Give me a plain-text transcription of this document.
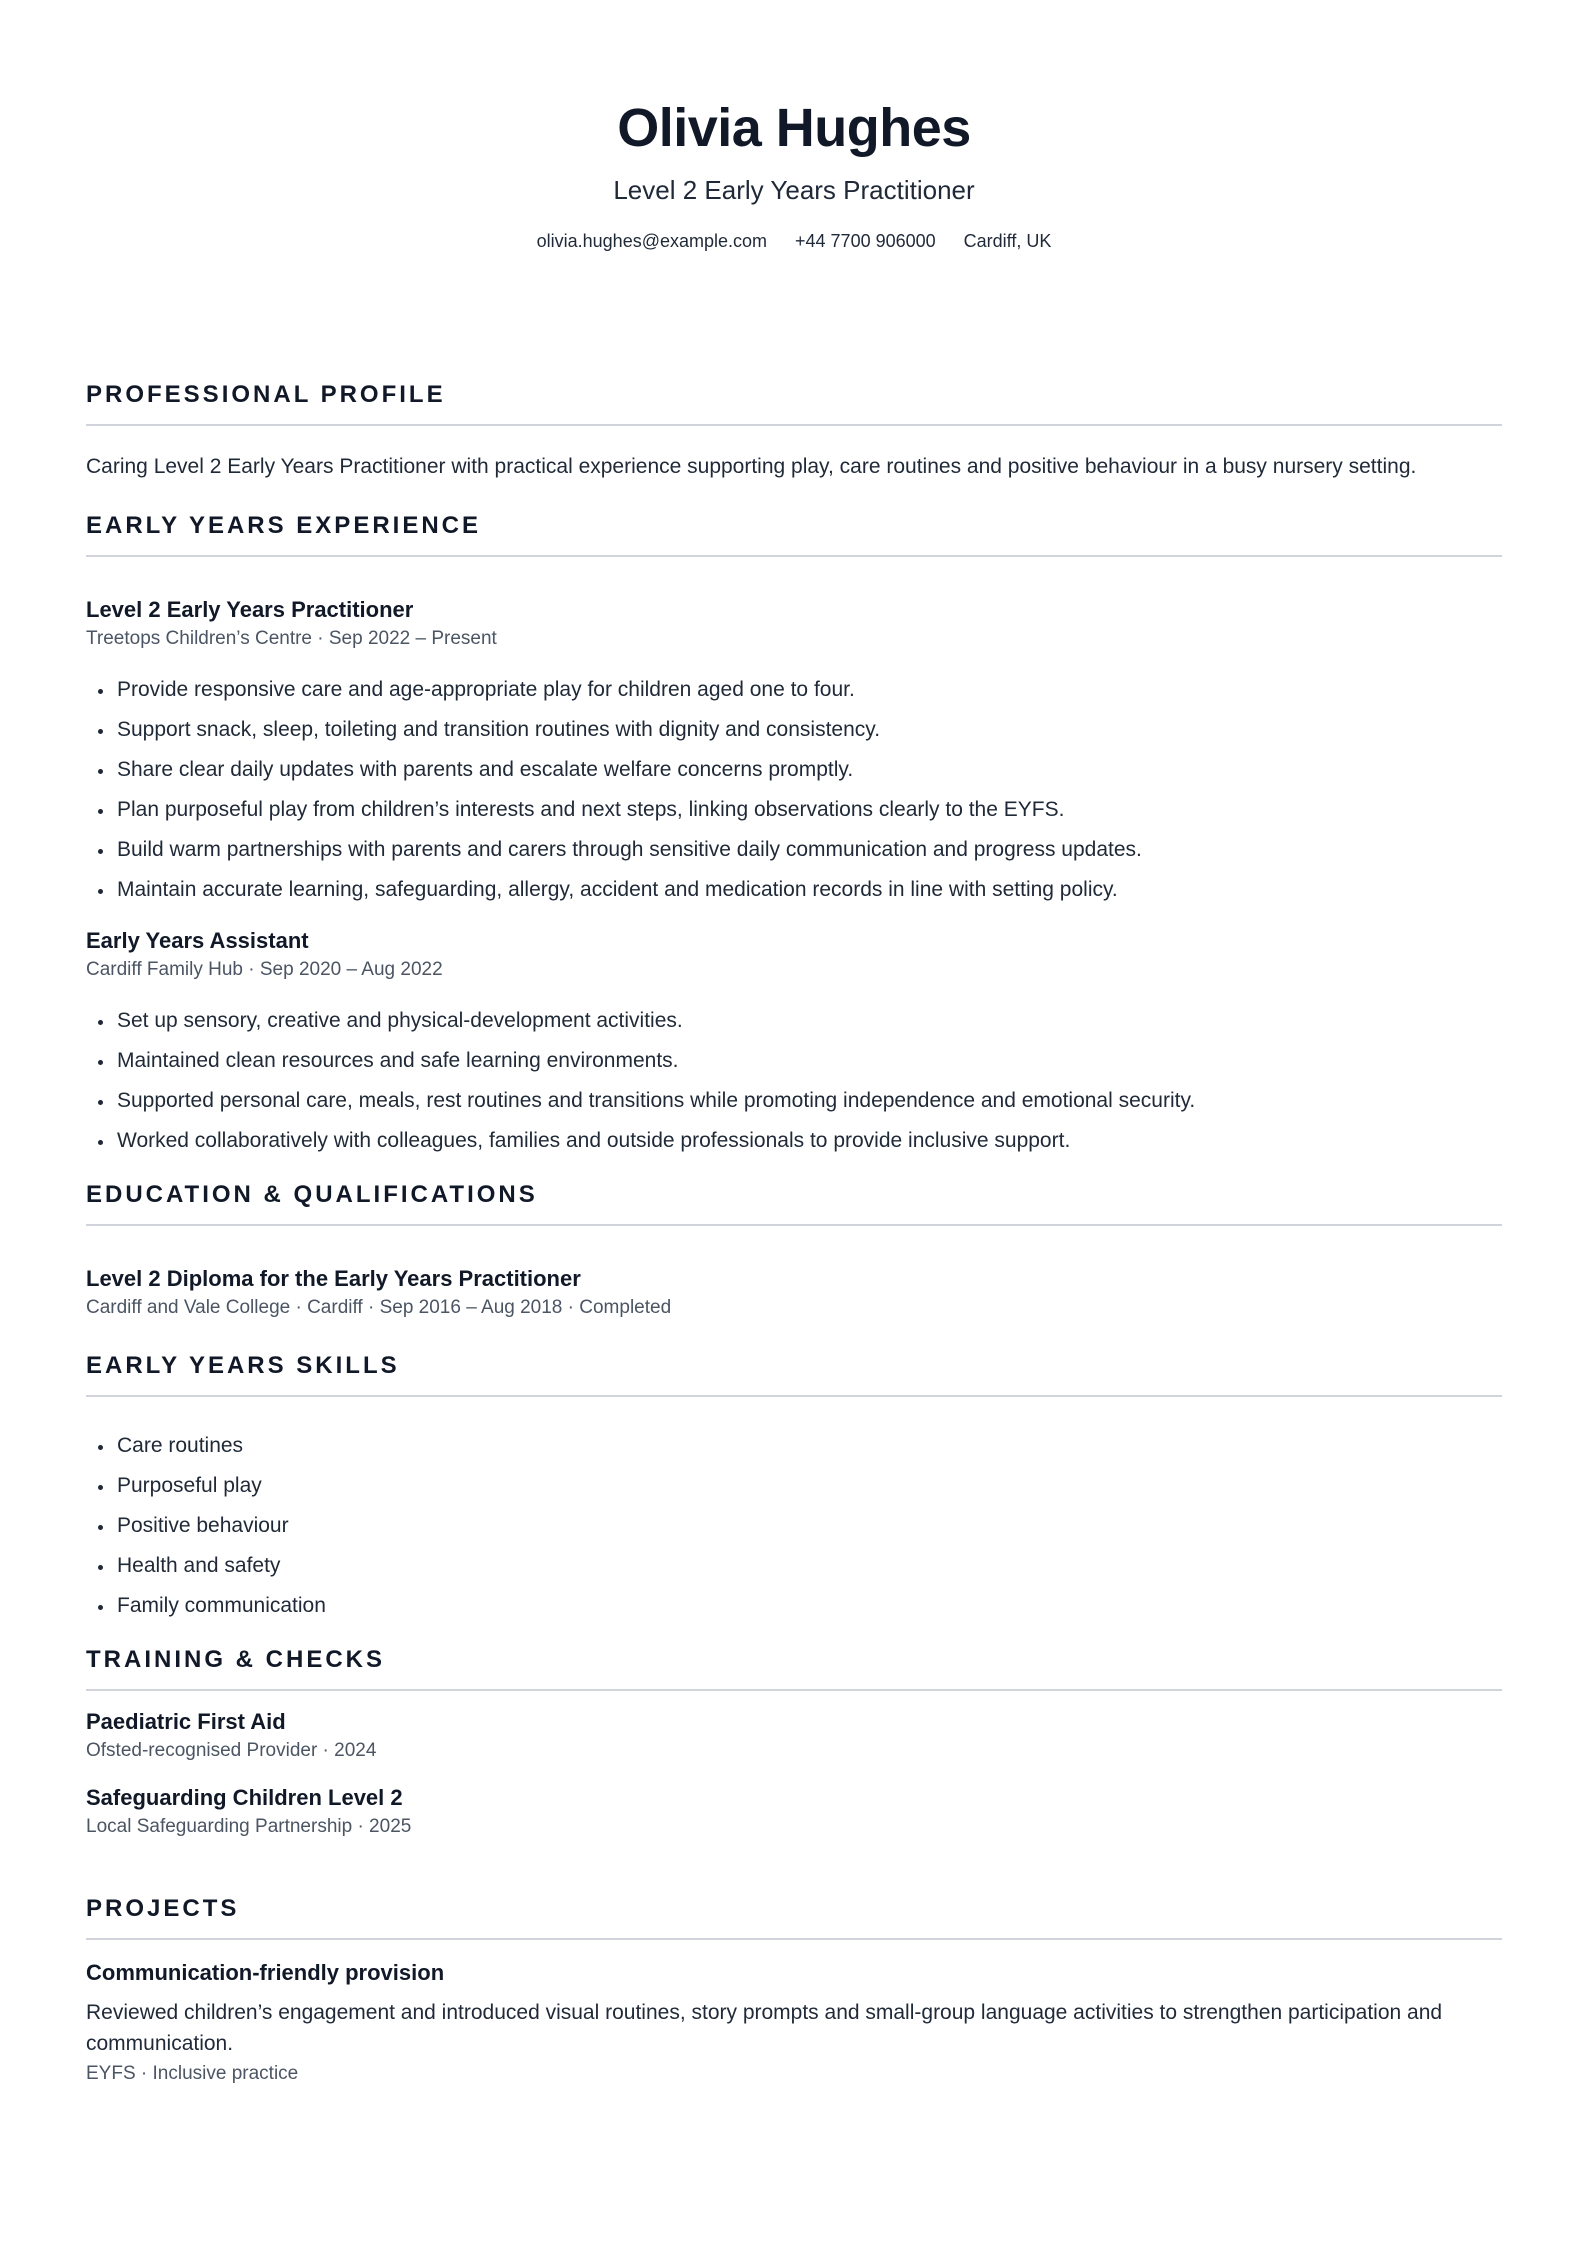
Olivia Hughes
Level 2 Early Years Practitioner
olivia.hughes@example.com +44 7700 906000 Cardiff, UK
PROFESSIONAL PROFILE
Caring Level 2 Early Years Practitioner with practical experience supporting play, care routines and positive behaviour in a busy nursery setting.
EARLY YEARS EXPERIENCE
Level 2 Early Years Practitioner
Treetops Children’s Centre · Sep 2022 – Present
• Provide responsive care and age-appropriate play for children aged one to four.
• Support snack, sleep, toileting and transition routines with dignity and consistency.
• Share clear daily updates with parents and escalate welfare concerns promptly.
• Plan purposeful play from children’s interests and next steps, linking observations clearly to the EYFS.
• Build warm partnerships with parents and carers through sensitive daily communication and progress updates.
• Maintain accurate learning, safeguarding, allergy, accident and medication records in line with setting policy.
Early Years Assistant
Cardiff Family Hub · Sep 2020 – Aug 2022
• Set up sensory, creative and physical-development activities.
• Maintained clean resources and safe learning environments.
• Supported personal care, meals, rest routines and transitions while promoting independence and emotional security.
• Worked collaboratively with colleagues, families and outside professionals to provide inclusive support.
EDUCATION & QUALIFICATIONS
Level 2 Diploma for the Early Years Practitioner
Cardiff and Vale College · Cardiff · Sep 2016 – Aug 2018 · Completed
EARLY YEARS SKILLS
• Care routines
• Purposeful play
• Positive behaviour
• Health and safety
• Family communication
TRAINING & CHECKS
Paediatric First Aid
Ofsted-recognised Provider · 2024
Safeguarding Children Level 2
Local Safeguarding Partnership · 2025
PROJECTS
Communication-friendly provision
Reviewed children’s engagement and introduced visual routines, story prompts and small-group language activities to strengthen participation and communication.
EYFS · Inclusive practice
